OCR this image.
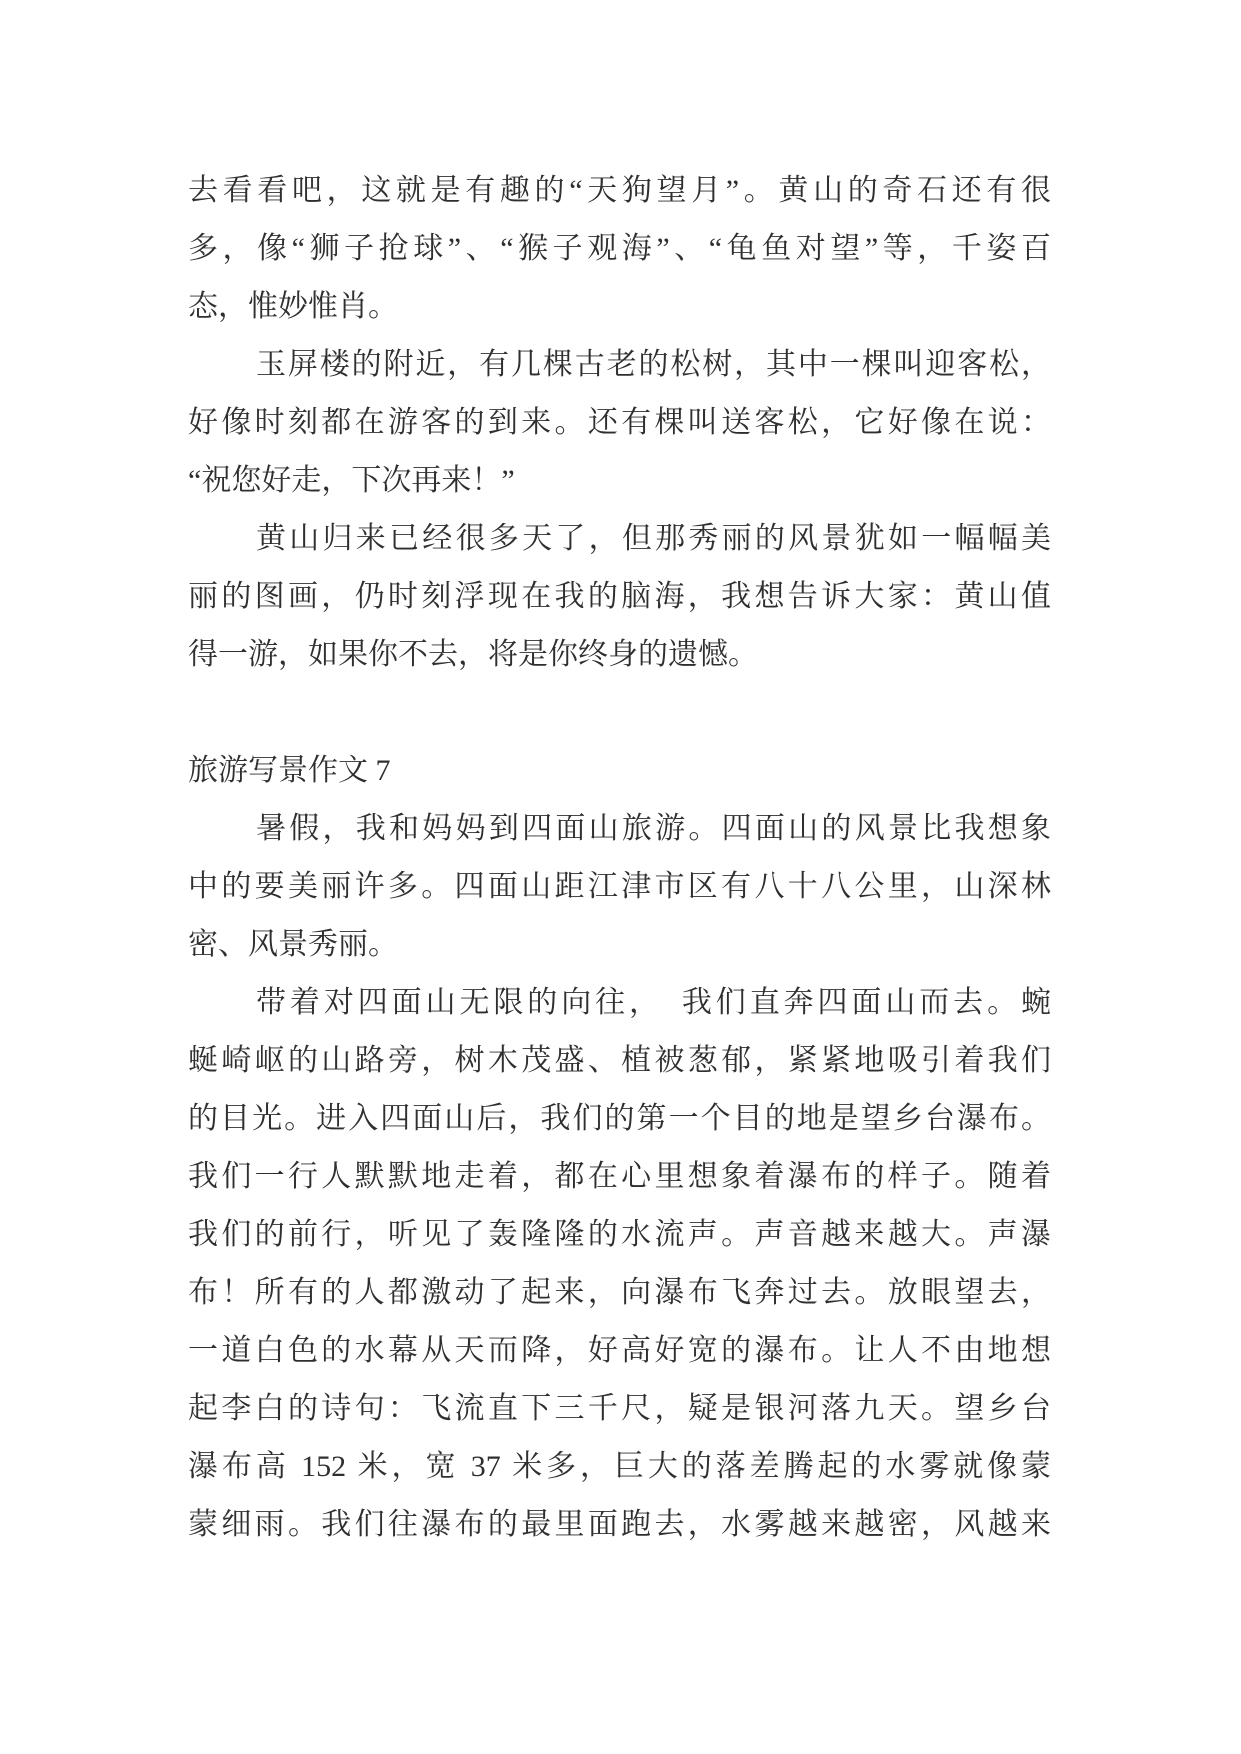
去看看吧，这就是有趣的“天狗望月”。黄山的奇石还有很
多，像“狮子抢球”、“猴子观海”、“龟鱼对望”等，千姿百
态，惟妙惟肖。
玉屏楼的附近，有几棵古老的松树，其中一棵叫迎客松，
好像时刻都在游客的到来。还有棵叫送客松，它好像在说：
“祝您好走，下次再来！”
黄山归来已经很多天了，但那秀丽的风景犹如一幅幅美
丽的图画，仍时刻浮现在我的脑海，我想告诉大家：黄山值
得一游，如果你不去，将是你终身的遗憾。
旅游写景作文 7
暑假，我和妈妈到四面山旅游。四面山的风景比我想象
中的要美丽许多。四面山距江津市区有八十八公里，山深林
密、风景秀丽。
带着对四面山无限的向往，　我们直奔四面山而去。蜿
蜒崎岖的山路旁，树木茂盛、植被葱郁，紧紧地吸引着我们
的目光。进入四面山后，我们的第一个目的地是望乡台瀑布。
我们一行人默默地走着，都在心里想象着瀑布的样子。随着
我们的前行，听见了轰隆隆的水流声。声音越来越大。声瀑
布！所有的人都激动了起来，向瀑布飞奔过去。放眼望去，
一道白色的水幕从天而降，好高好宽的瀑布。让人不由地想
起李白的诗句：飞流直下三千尺，疑是银河落九天。望乡台
瀑布高 152 米，宽 37 米多，巨大的落差腾起的水雾就像蒙
蒙细雨。我们往瀑布的最里面跑去，水雾越来越密，风越来
